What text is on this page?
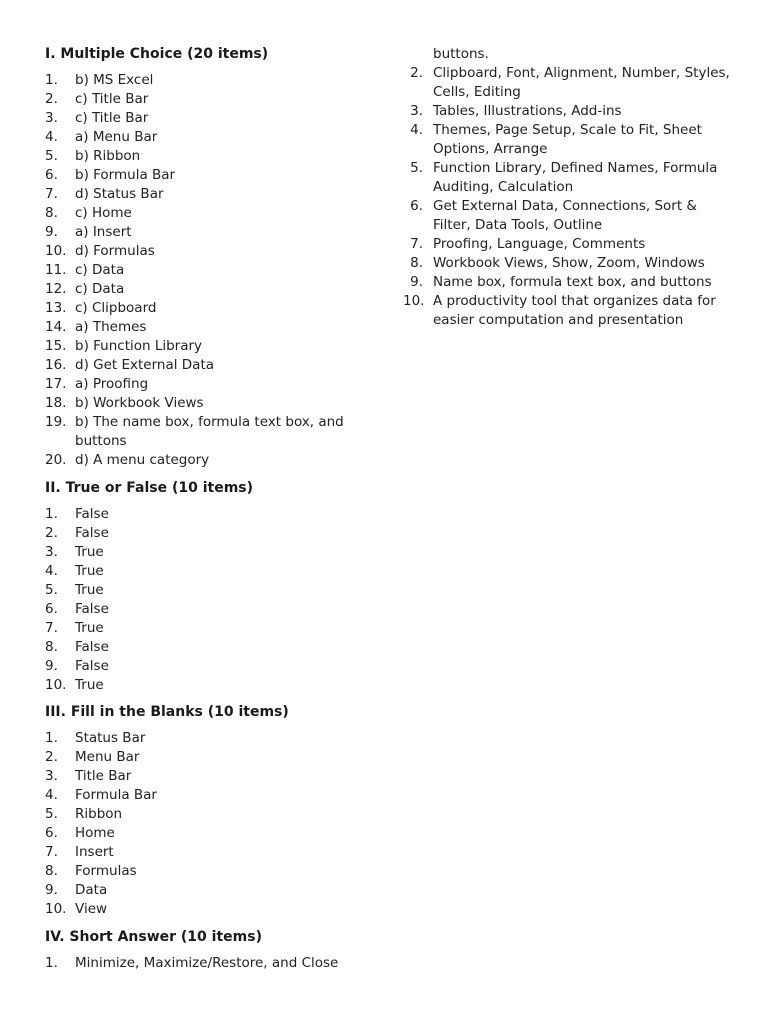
I. Multiple Choice (20 items)
1.	b) MS Excel
2.	c) Title Bar
3.	c) Title Bar
4.	a) Menu Bar
5.	b) Ribbon
6.	b) Formula Bar
7.	d) Status Bar
8.	c) Home
9.	a) Insert
10. d) Formulas
11. c) Data
12. c) Data
13. c) Clipboard
14. a) Themes
15. b) Function Library
16. d) Get External Data
17. a) Proofing
18. b) Workbook Views
19. b) The name box, formula text box, and buttons
20. d) A menu category
II. True or False (10 items)
1.	False
2.	False
3.	True
4.	True
5.	True
6.	False
7.	True
8.	False
9.	False
10. True
III. Fill in the Blanks (10 items)
1.	Status Bar
2.	Menu Bar
3.	Title Bar
4.	Formula Bar
5.	Ribbon
6.	Home
7.	Insert
8.	Formulas
9.	Data
10. View
IV. Short Answer (10 items)
1.	Minimize, Maximize/Restore, and Close
buttons.
2. Clipboard, Font, Alignment, Number, Styles, Cells, Editing
3. Tables, Illustrations, Add-ins
4. Themes, Page Setup, Scale to Fit, Sheet Options, Arrange
5. Function Library, Defined Names, Formula Auditing, Calculation
6. Get External Data, Connections, Sort & Filter, Data Tools, Outline
7. Proofing, Language, Comments
8. Workbook Views, Show, Zoom, Windows
9. Name box, formula text box, and buttons
10. A productivity tool that organizes data for easier computation and presentation
